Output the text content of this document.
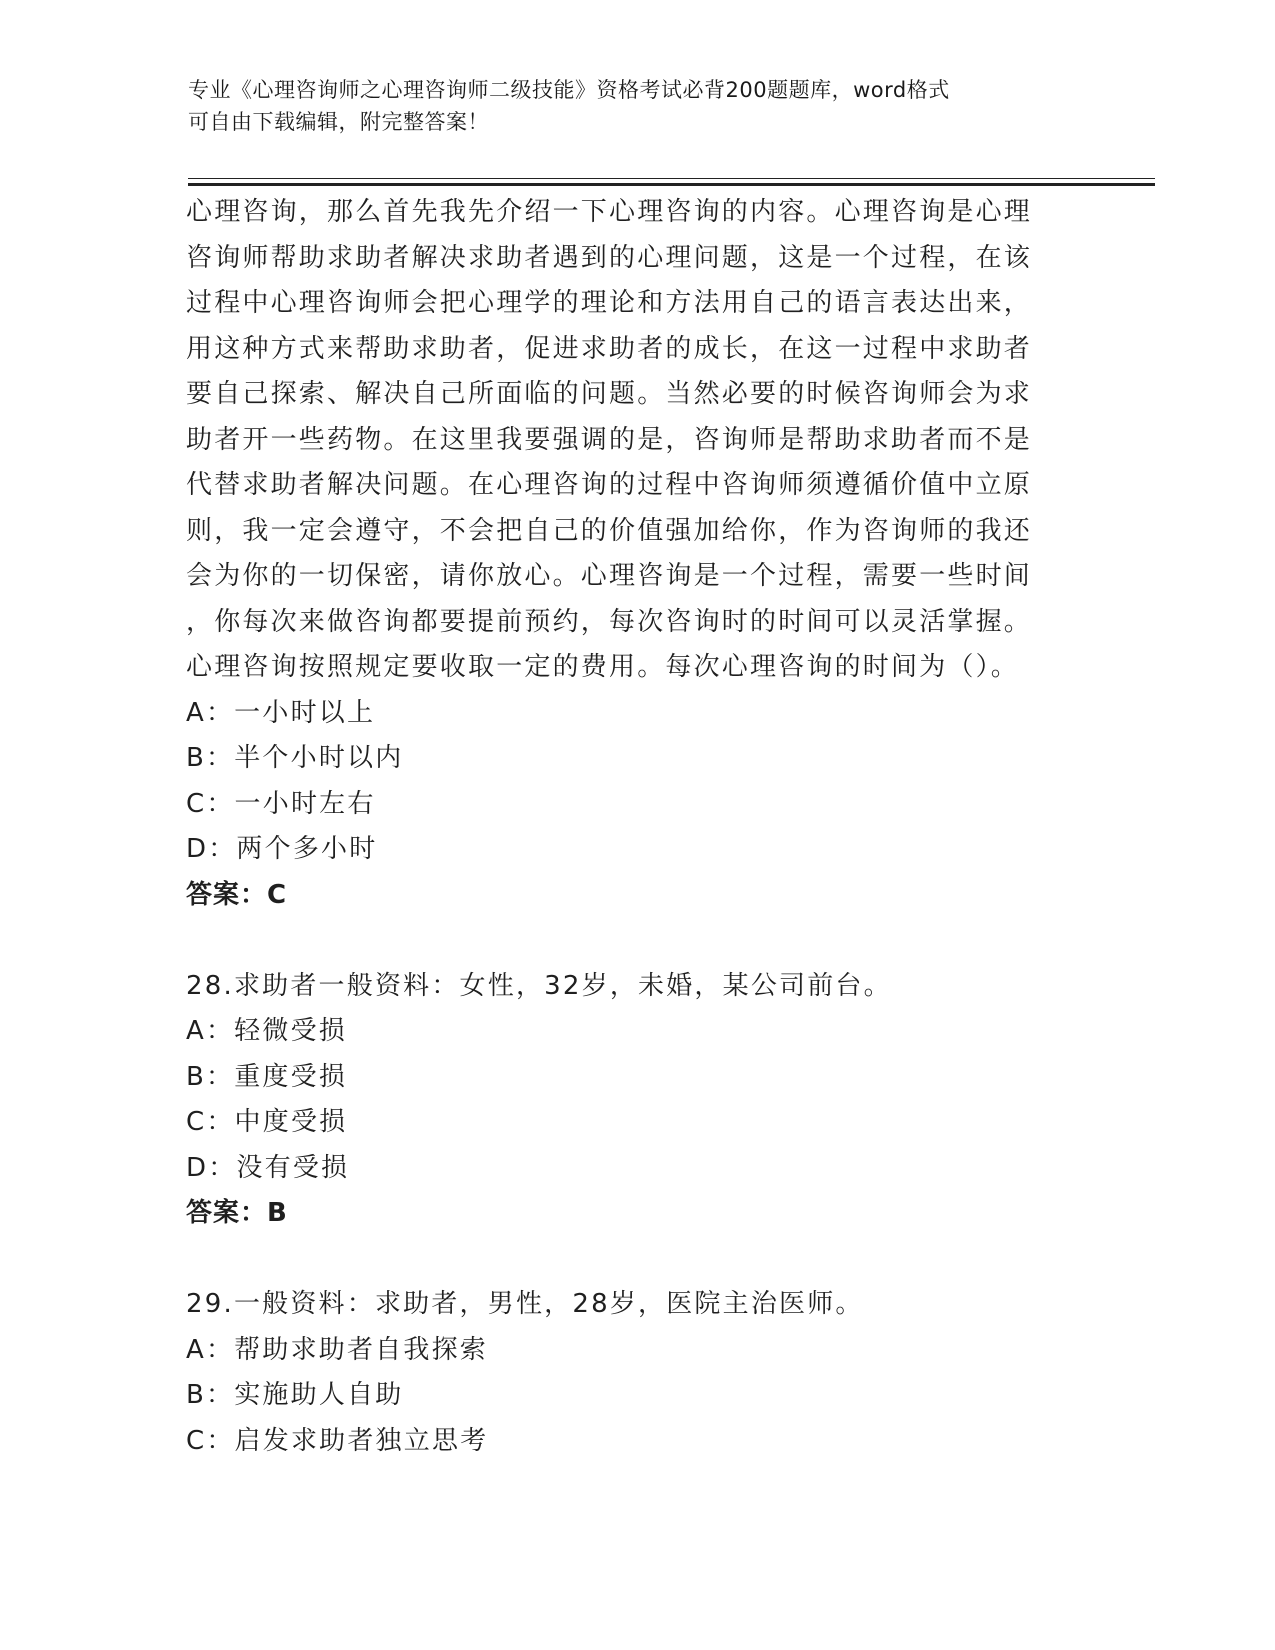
专业《心理咨询师之心理咨询师二级技能》资格考试必背200题题库，word格式
可自由下载编辑，附完整答案！
心理咨询，那么首先我先介绍一下心理咨询的内容。心理咨询是心理
咨询师帮助求助者解决求助者遇到的心理问题，这是一个过程，在该
过程中心理咨询师会把心理学的理论和方法用自己的语言表达出来，
用这种方式来帮助求助者，促进求助者的成长，在这一过程中求助者
要自己探索、解决自己所面临的问题。当然必要的时候咨询师会为求
助者开一些药物。在这里我要强调的是，咨询师是帮助求助者而不是
代替求助者解决问题。在心理咨询的过程中咨询师须遵循价值中立原
则，我一定会遵守，不会把自己的价值强加给你，作为咨询师的我还
会为你的一切保密，请你放心。心理咨询是一个过程，需要一些时间
，你每次来做咨询都要提前预约，每次咨询时的时间可以灵活掌握。
心理咨询按照规定要收取一定的费用。每次心理咨询的时间为（）。
A：一小时以上
B：半个小时以内
C：一小时左右
D：两个多小时
答案：C
28.求助者一般资料：女性，32岁，未婚，某公司前台。
A：轻微受损
B：重度受损
C：中度受损
D：没有受损
答案：B
29.一般资料：求助者，男性，28岁，医院主治医师。
A：帮助求助者自我探索
B：实施助人自助
C：启发求助者独立思考
